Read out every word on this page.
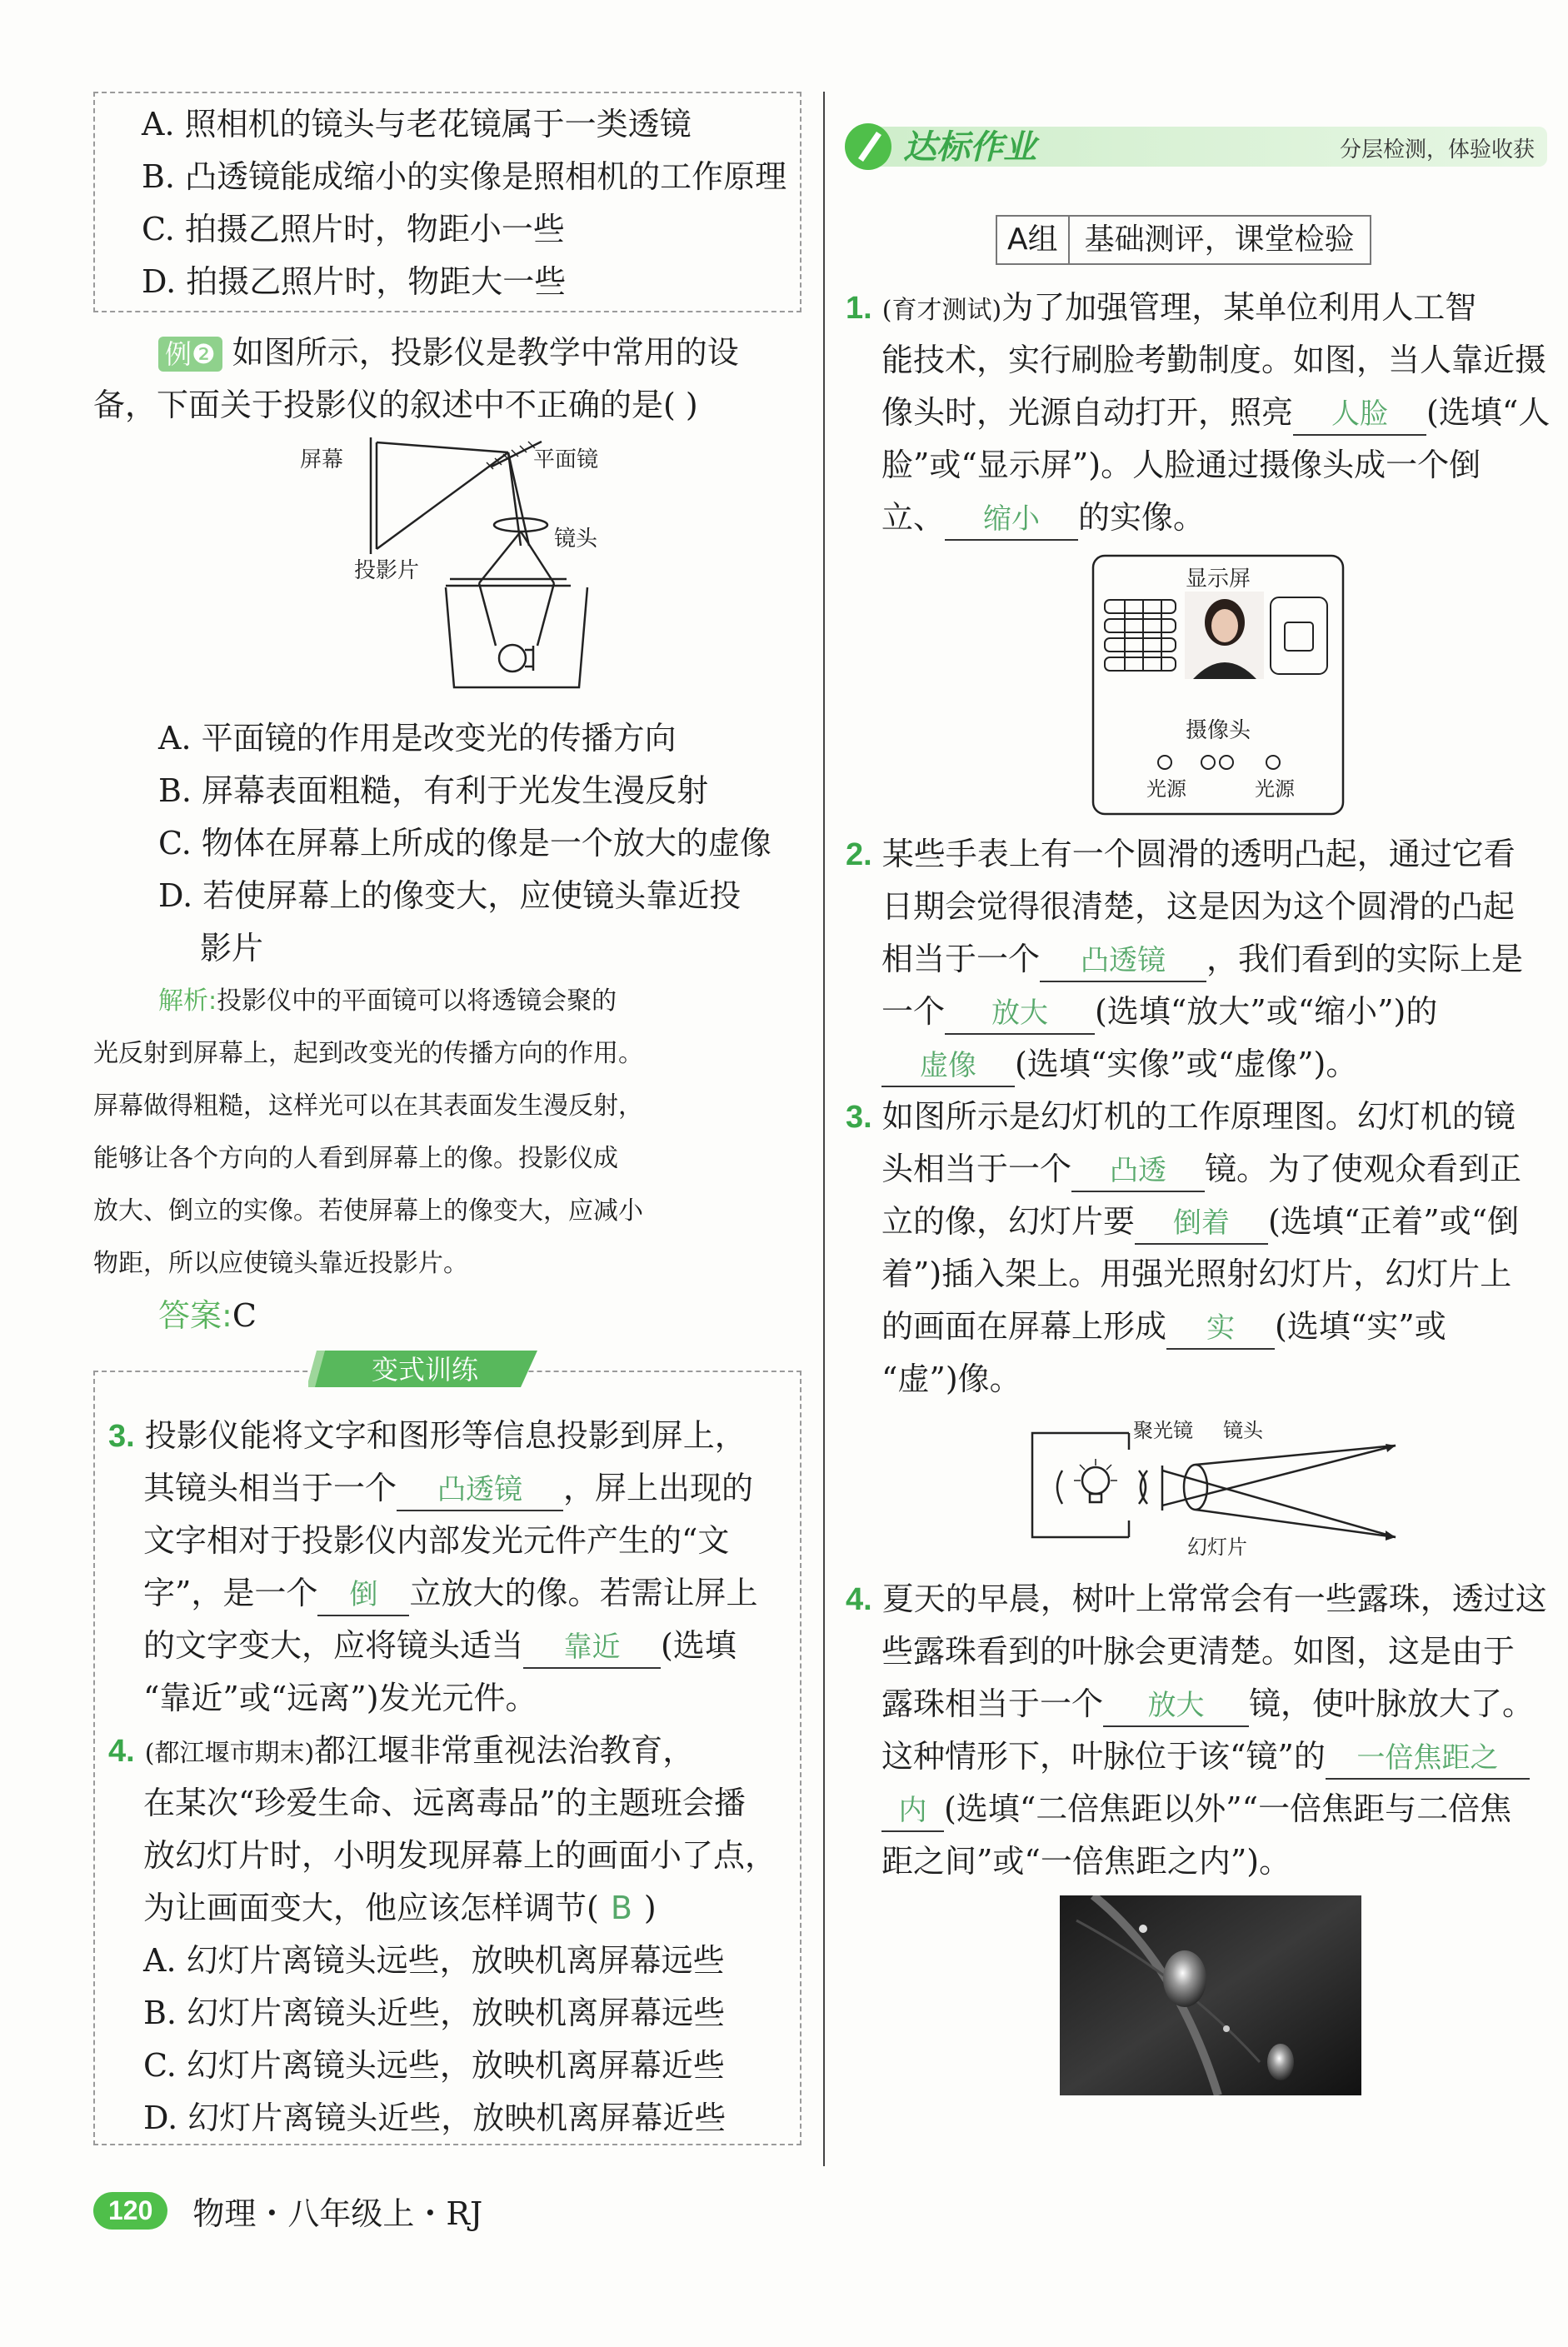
A. 照相机的镜头与老花镜属于一类透镜
B. 凸透镜能成缩小的实像是照相机的工作原理
C. 拍摄乙照片时，物距小一些
D. 拍摄乙照片时，物距大一些
例❷ 如图所示，投影仪是教学中常用的设
备，下面关于投影仪的叙述中不正确的是( )
屏幕	平面镜
镜头
投影片
A. 平面镜的作用是改变光的传播方向
B. 屏幕表面粗糙，有利于光发生漫反射
C. 物体在屏幕上所成的像是一个放大的虚像
D. 若使屏幕上的像变大，应使镜头靠近投
影片
解析:投影仪中的平面镜可以将透镜会聚的
光反射到屏幕上，起到改变光的传播方向的作用。
屏幕做得粗糙，这样光可以在其表面发生漫反射，
能够让各个方向的人看到屏幕上的像。投影仪成
放大、倒立的实像。若使屏幕上的像变大，应减小
物距，所以应使镜头靠近投影片。
答案:C
变式训练
3. 投影仪能将文字和图形等信息投影到屏上，
其镜头相当于一个 凸透镜 ，屏上出现的
文字相对于投影仪内部发光元件产生的“文
字”，是一个 倒 立放大的像。若需让屏上
的文字变大，应将镜头适当 靠近 (选填
“靠近”或“远离”)发光元件。
4. (都江堰市期末)都江堰非常重视法治教育，
在某次“珍爱生命、远离毒品”的主题班会播
放幻灯片时，小明发现屏幕上的画面小了点，
为让画面变大，他应该怎样调节( B )
A. 幻灯片离镜头远些，放映机离屏幕远些
B. 幻灯片离镜头近些，放映机离屏幕远些
C. 幻灯片离镜头远些，放映机离屏幕近些
D. 幻灯片离镜头近些，放映机离屏幕近些
达标作业	分层检测，体验收获
A组 基础测评，课堂检验
1. (育才测试)为了加强管理，某单位利用人工智
能技术，实行刷脸考勤制度。如图，当人靠近摄
像头时，光源自动打开，照亮 人脸 (选填“人
脸”或“显示屏”)。人脸通过摄像头成一个倒
立、 缩小 的实像。
显示屏
摄像头
光源	光源
2. 某些手表上有一个圆滑的透明凸起，通过它看
日期会觉得很清楚，这是因为这个圆滑的凸起
相当于一个 凸透镜 ，我们看到的实际上是
一个 放大 (选填“放大”或“缩小”)的
虚像 (选填“实像”或“虚像”)。
3. 如图所示是幻灯机的工作原理图。幻灯机的镜
头相当于一个 凸透 镜。为了使观众看到正
立的像，幻灯片要 倒着 (选填“正着”或“倒
着”)插入架上。用强光照射幻灯片，幻灯片上
的画面在屏幕上形成 实 (选填“实”或
“虚”)像。
聚光镜 镜头
幻灯片
4. 夏天的早晨，树叶上常常会有一些露珠，透过这
些露珠看到的叶脉会更清楚。如图，这是由于
露珠相当于一个 放大 镜，使叶脉放大了。
这种情形下，叶脉位于该“镜”的 一倍焦距之
内 (选填“二倍焦距以外”“一倍焦距与二倍焦
距之间”或“一倍焦距之内”)。
120	物理・八年级上・RJ
